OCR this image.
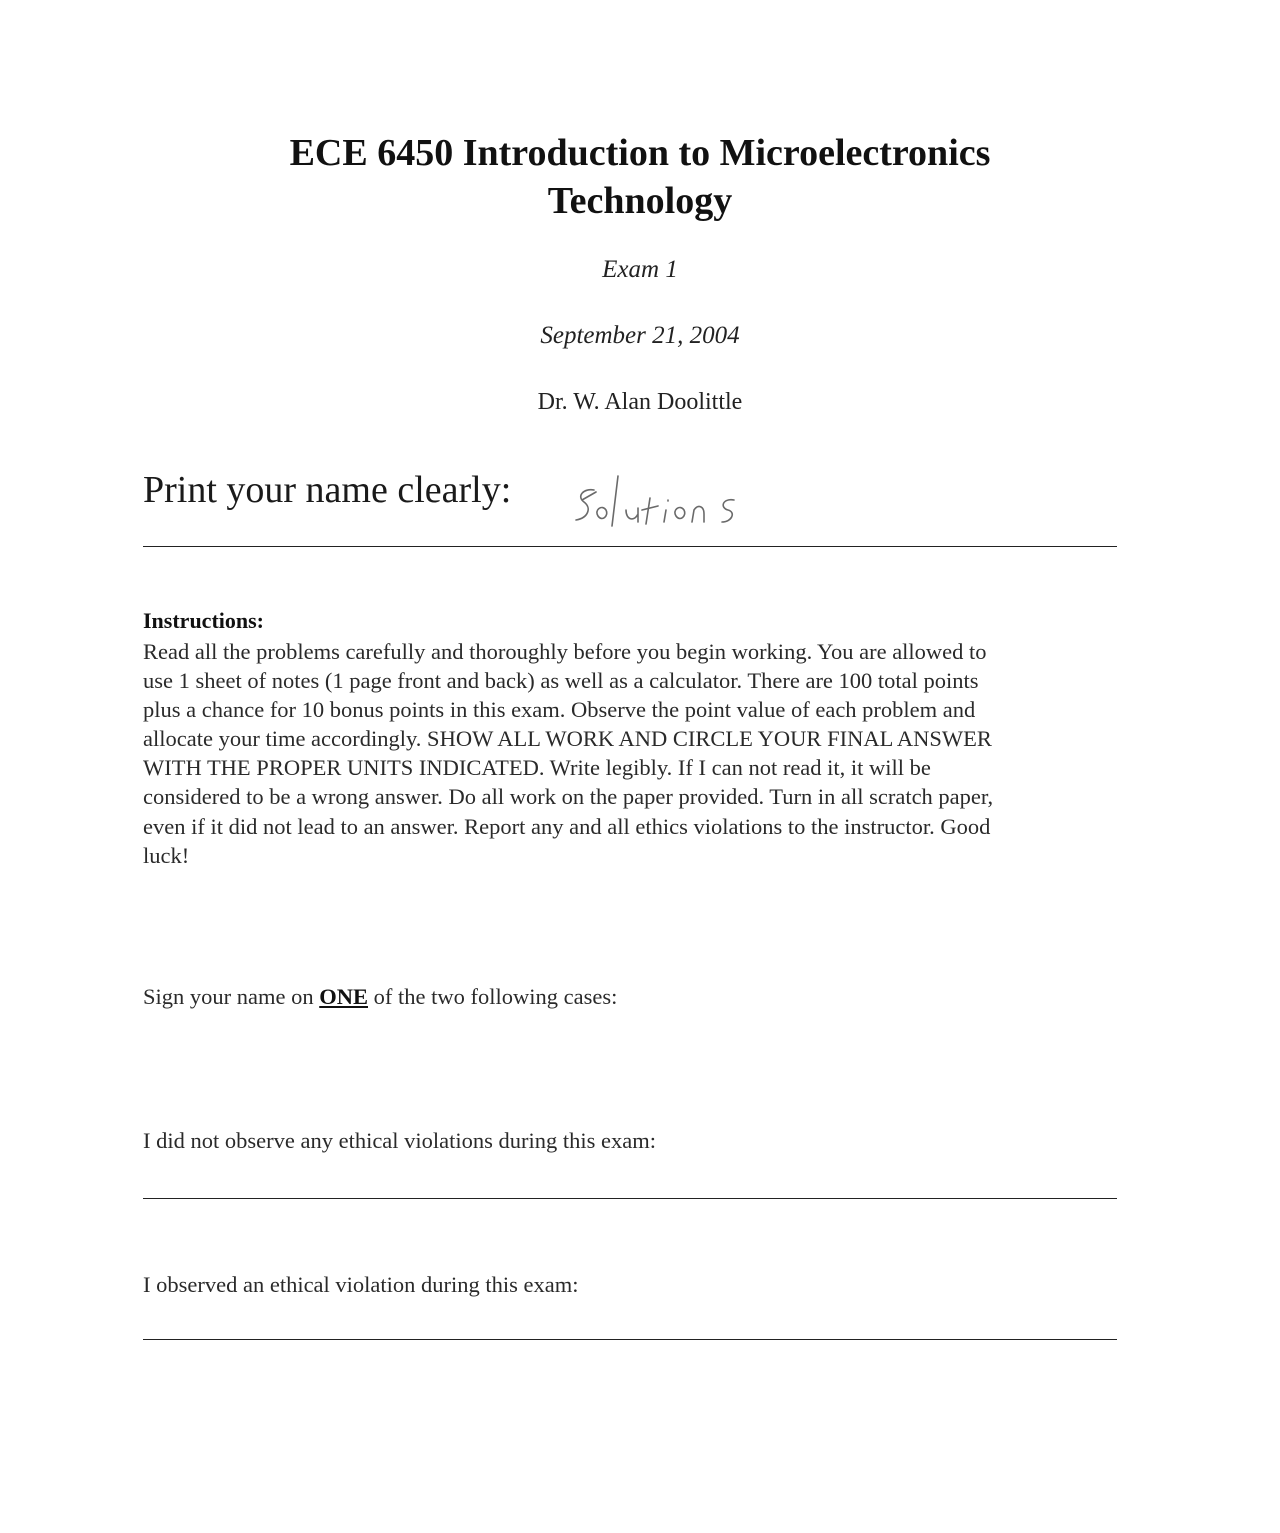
ECE 6450 Introduction to Microelectronics
Technology
Exam 1
September 21, 2004
Dr. W. Alan Doolittle
Print your name clearly:
Instructions:
Read all the problems carefully and thoroughly before you begin working. You are allowed to
use 1 sheet of notes (1 page front and back) as well as a calculator. There are 100 total points
plus a chance for 10 bonus points in this exam. Observe the point value of each problem and
allocate your time accordingly. SHOW ALL WORK AND CIRCLE YOUR FINAL ANSWER
WITH THE PROPER UNITS INDICATED. Write legibly. If I can not read it, it will be
considered to be a wrong answer. Do all work on the paper provided. Turn in all scratch paper,
even if it did not lead to an answer. Report any and all ethics violations to the instructor. Good
luck!
Sign your name on ONE of the two following cases:
I did not observe any ethical violations during this exam:
I observed an ethical violation during this exam:
